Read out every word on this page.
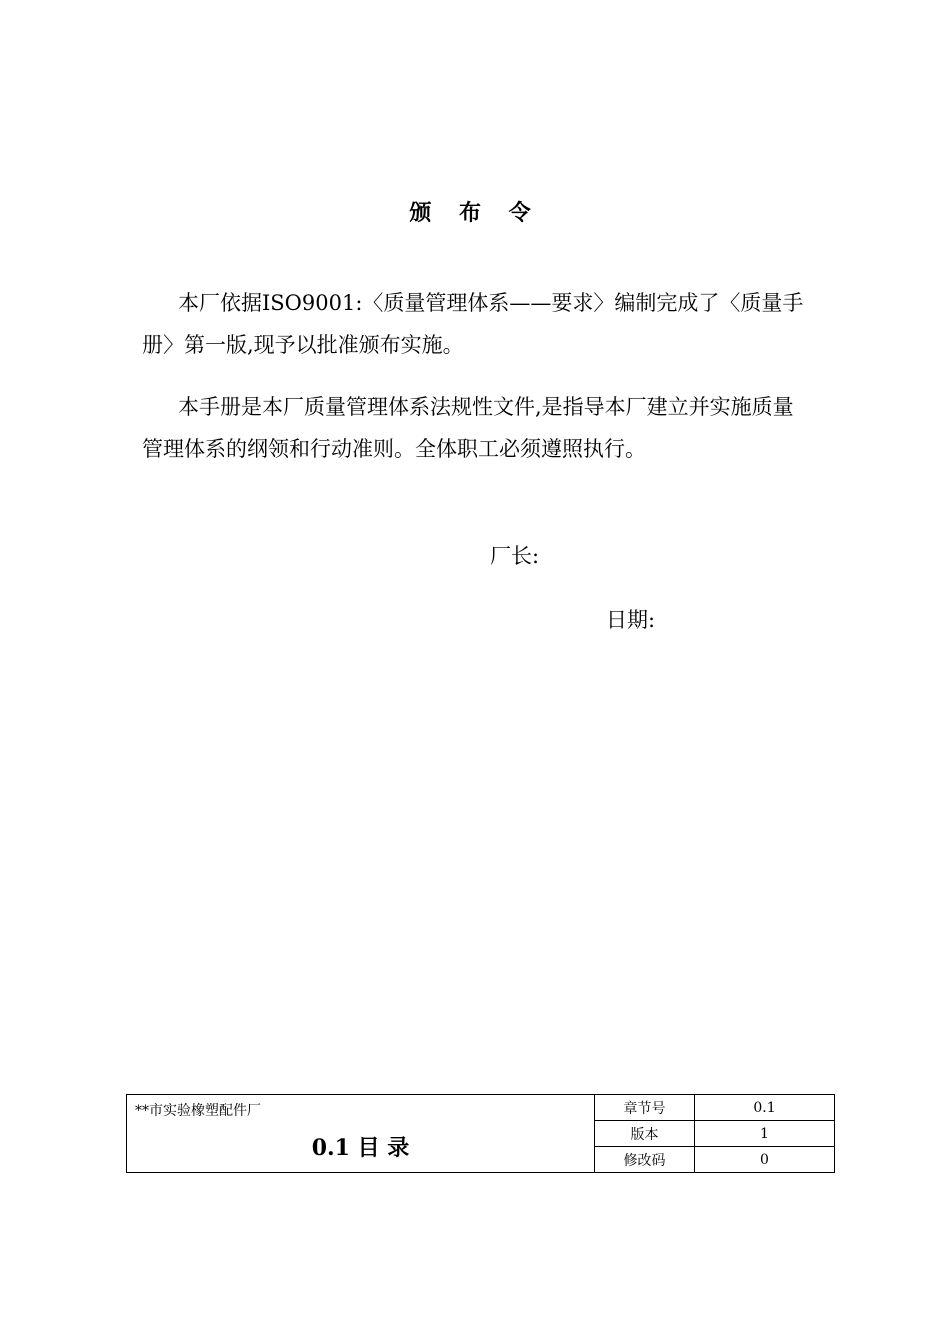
颁 布 令
本厂依据ISO9001:〈质量管理体系——要求〉编制完成了〈质量手册〉第一版,现予以批准颁布实施。
本手册是本厂质量管理体系法规性文件,是指导本厂建立并实施质量管理体系的纲领和行动准则。全体职工必须遵照执行。
厂长:
日期:
**市实验橡塑配件厂
0.1 目 录	章节号	0.1
	版本	1
	修改码	0
